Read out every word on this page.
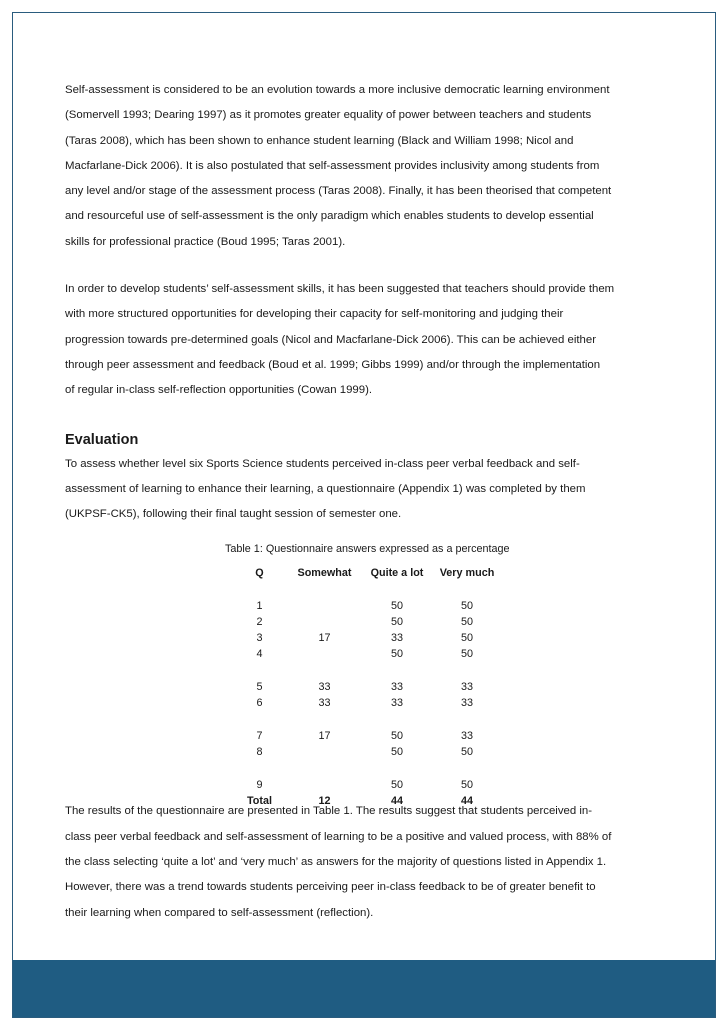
Self-assessment is considered to be an evolution towards a more inclusive democratic learning environment

(Somervell 1993; Dearing 1997) as it promotes greater equality of power between teachers and students

(Taras 2008), which has been shown to enhance student learning (Black and William 1998; Nicol and

Macfarlane-Dick 2006). It is also postulated that self-assessment provides inclusivity among students from

any level and/or stage of the assessment process (Taras 2008). Finally, it has been theorised that competent

and resourceful use of self-assessment is the only paradigm which enables students to develop essential

skills for professional practice (Boud 1995; Taras 2001).

In order to develop students’ self-assessment skills, it has been suggested that teachers should provide them

with more structured opportunities for developing their capacity for self-monitoring and judging their

progression towards pre-determined goals (Nicol and Macfarlane-Dick 2006). This can be achieved either

through peer assessment and feedback (Boud et al. 1999; Gibbs 1999) and/or through the implementation

of regular in-class self-reflection opportunities (Cowan 1999).

Evaluation

To assess whether level six Sports Science students perceived in-class peer verbal feedback and self-

assessment of learning to enhance their learning, a questionnaire (Appendix 1) was completed by them

(UKPSF-CK5), following their final taught session of semester one.

Table 1: Questionnaire answers expressed as a percentage
Q	Somewhat	Quite a lot	Very much
1		50	50
2		50	50
3	17	33	50
4		50	50

5	33	33	33
6	33	33	33

7	17	50	33
8		50	50

9		50	50
Total	12	44	44

The results of the questionnaire are presented in Table 1. The results suggest that students perceived in-

class peer verbal feedback and self-assessment of learning to be a positive and valued process, with 88% of

the class selecting ‘quite a lot’ and ‘very much’ as answers for the majority of questions listed in Appendix 1.

However, there was a trend towards students perceiving peer in-class feedback to be of greater benefit to

their learning when compared to self-assessment (reflection).
